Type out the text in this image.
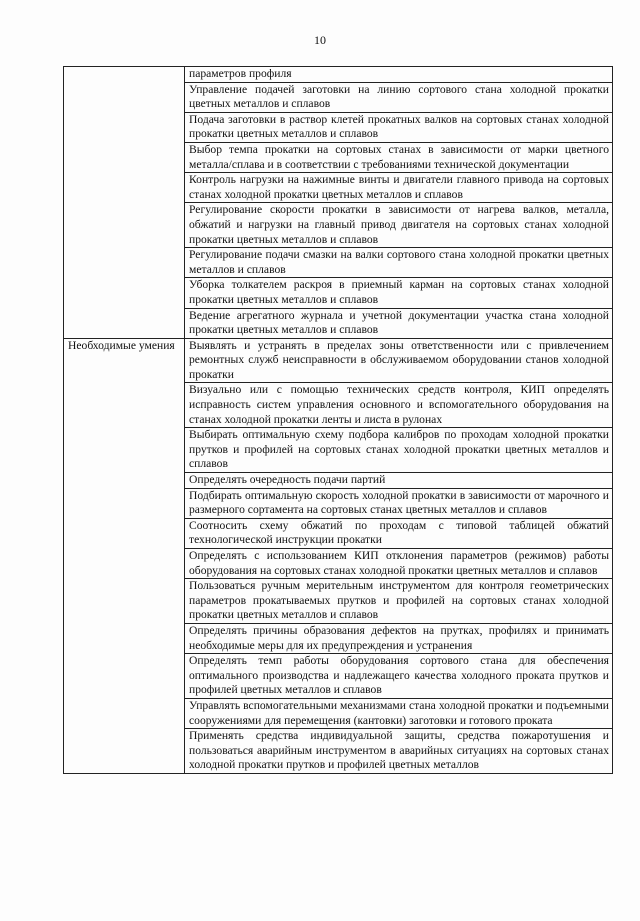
10
	параметров профиля
	Управление подачей заготовки на линию сортового стана холодной прокатки цветных металлов и сплавов
	Подача заготовки в раствор клетей прокатных валков на сортовых станах холодной прокатки цветных металлов и сплавов
	Выбор темпа прокатки на сортовых станах в зависимости от марки цветного металла/сплава и в соответствии с требованиями технической документации
	Контроль нагрузки на нажимные винты и двигатели главного привода на сортовых станах холодной прокатки цветных металлов и сплавов
	Регулирование скорости прокатки в зависимости от нагрева валков, металла, обжатий и нагрузки на главный привод двигателя на сортовых станах холодной прокатки цветных металлов и сплавов
	Регулирование подачи смазки на валки сортового стана холодной прокатки цветных металлов и сплавов
	Уборка толкателем раскроя в приемный карман на сортовых станах холодной прокатки цветных металлов и сплавов
	Ведение агрегатного журнала и учетной документации участка стана холодной прокатки цветных металлов и сплавов
Необходимые умения	Выявлять и устранять в пределах зоны ответственности или с привлечением ремонтных служб неисправности в обслуживаемом оборудовании станов холодной прокатки
	Визуально или с помощью технических средств контроля, КИП определять исправность систем управления основного и вспомогательного оборудования на станах холодной прокатки ленты и листа в рулонах
	Выбирать оптимальную схему подбора калибров по проходам холодной прокатки прутков и профилей на сортовых станах холодной прокатки цветных металлов и сплавов
	Определять очередность подачи партий
	Подбирать оптимальную скорость холодной прокатки в зависимости от марочного и размерного сортамента на сортовых станах цветных металлов и сплавов
	Соотносить схему обжатий по проходам с типовой таблицей обжатий технологической инструкции прокатки
	Определять с использованием КИП отклонения параметров (режимов) работы оборудования на сортовых станах холодной прокатки цветных металлов и сплавов
	Пользоваться ручным мерительным инструментом для контроля геометрических параметров прокатываемых прутков и профилей на сортовых станах холодной прокатки цветных металлов и сплавов
	Определять причины образования дефектов на прутках, профилях и принимать необходимые меры для их предупреждения и устранения
	Определять темп работы оборудования сортового стана для обеспечения оптимального производства и надлежащего качества холодного проката прутков и профилей цветных металлов и сплавов
	Управлять вспомогательными механизмами стана холодной прокатки и подъемными сооружениями для перемещения (кантовки) заготовки и готового проката
	Применять средства индивидуальной защиты, средства пожаротушения и пользоваться аварийным инструментом в аварийных ситуациях на сортовых станах холодной прокатки прутков и профилей цветных металлов
